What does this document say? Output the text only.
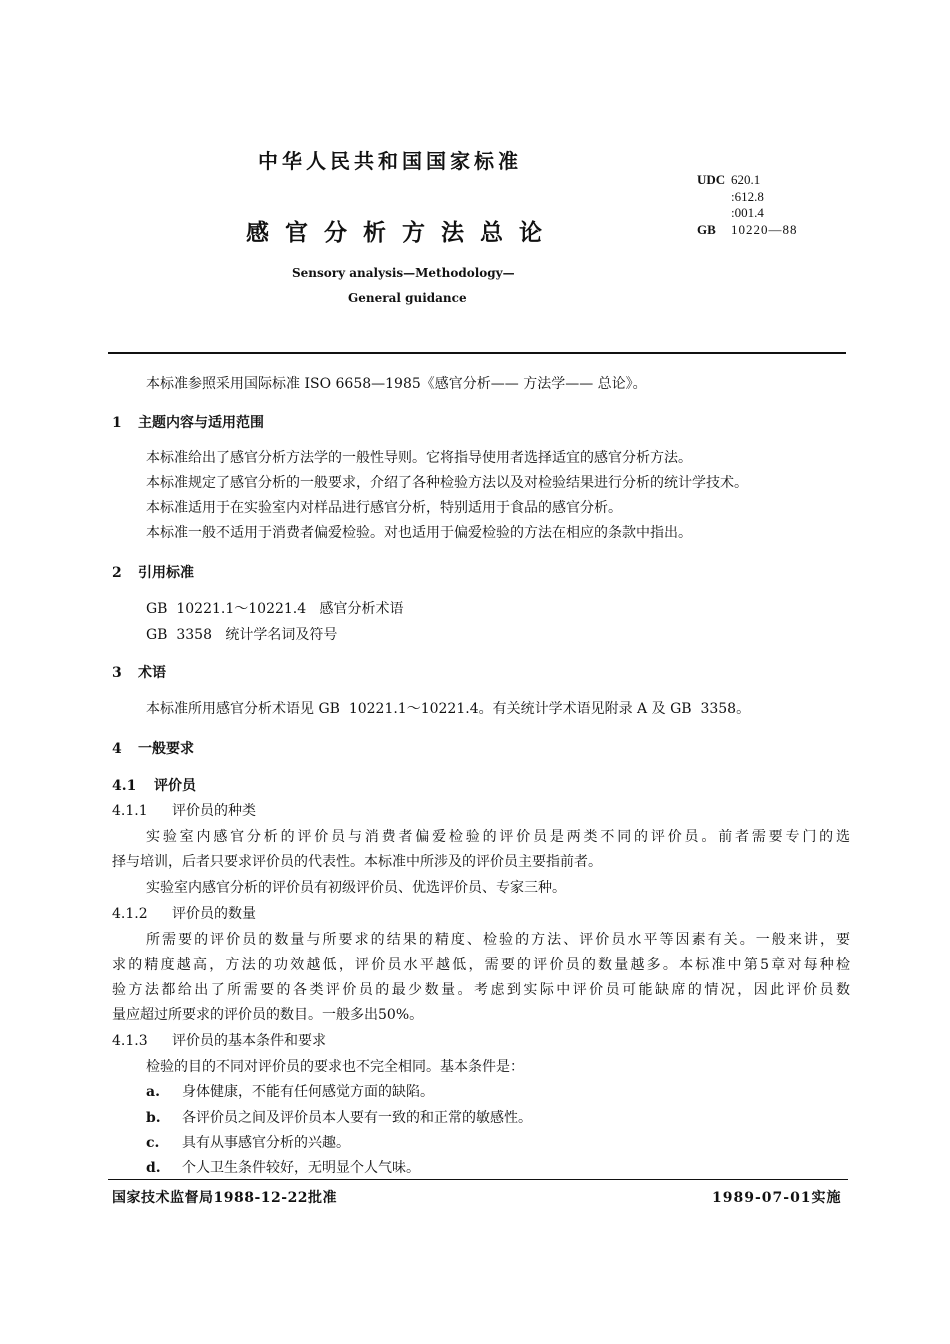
中华人民共和国国家标准
感官分析方法总论
Sensory analysis—Methodology—
General guidance
UDC 620.1
:612.8
:001.4
GB 10220—88
本标准参照采用国际标准 ISO 6658—1985《感官分析—— 方法学—— 总论》。
1 主题内容与适用范围
本标准给出了感官分析方法学的一般性导则。它将指导使用者选择适宜的感官分析方法。
本标准规定了感官分析的一般要求，介绍了各种检验方法以及对检验结果进行分析的统计学技术。
本标准适用于在实验室内对样品进行感官分析，特别适用于食品的感官分析。
本标准一般不适用于消费者偏爱检验。对也适用于偏爱检验的方法在相应的条款中指出。
2 引用标准
GB  10221.1～10221.4   感官分析术语
GB  3358   统计学名词及符号
3 术语
本标准所用感官分析术语见 GB  10221.1～10221.4。有关统计学术语见附录 A 及 GB  3358。
4 一般要求
4.1 评价员
4.1.1 评价员的种类
实验室内感官分析的评价员与消费者偏爱检验的评价员是两类不同的评价员。前者需要专门的选
择与培训，后者只要求评价员的代表性。本标准中所涉及的评价员主要指前者。
实验室内感官分析的评价员有初级评价员、优选评价员、专家三种。
4.1.2 评价员的数量
所需要的评价员的数量与所要求的结果的精度、检验的方法、评价员水平等因素有关。一般来讲，要
求的精度越高，方法的功效越低，评价员水平越低，需要的评价员的数量越多。本标准中第5章对每种检
验方法都给出了所需要的各类评价员的最少数量。考虑到实际中评价员可能缺席的情况，因此评价员数
量应超过所要求的评价员的数目。一般多出50%。
4.1.3 评价员的基本条件和要求
检验的目的不同对评价员的要求也不完全相同。基本条件是：
a. 身体健康，不能有任何感觉方面的缺陷。
b. 各评价员之间及评价员本人要有一致的和正常的敏感性。
c. 具有从事感官分析的兴趣。
d. 个人卫生条件较好，无明显个人气味。
国家技术监督局1988-12-22批准	1989-07-01实施
